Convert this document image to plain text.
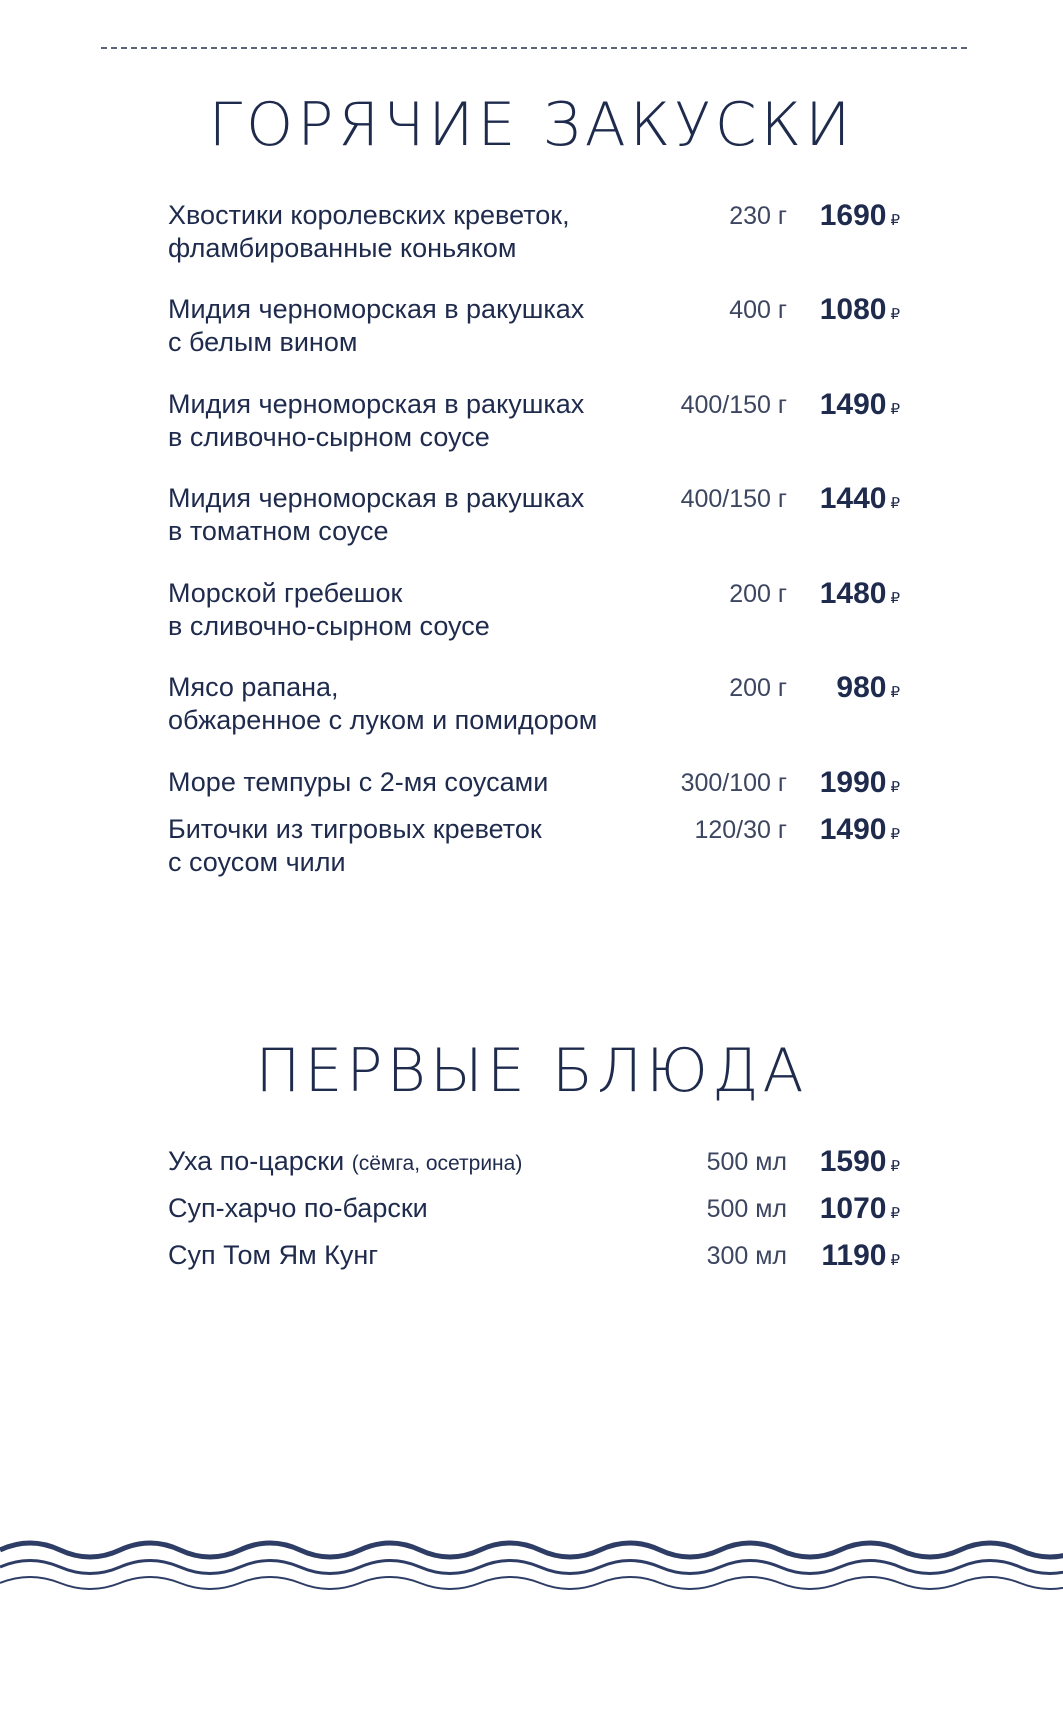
ГОРЯЧИЕ ЗАКУСКИ
Хвостики королевских креветок,
фламбированные коньяком
230 г	1690 ₽
Мидия черноморская в ракушках
с белым вином
400 г	1080 ₽
Мидия черноморская в ракушках
в сливочно-сырном соусе
400/150 г	1490 ₽
Мидия черноморская в ракушках
в томатном соусе
400/150 г	1440 ₽
Морской гребешок
в сливочно-сырном соусе
200 г	1480 ₽
Мясо рапана,
обжаренное с луком и помидором
200 г	980 ₽
Море темпуры с 2-мя соусами	300/100 г	1990 ₽
Биточки из тигровых креветок
с соусом чили
120/30 г	1490 ₽
ПЕРВЫЕ БЛЮДА
Уха по-царски (сёмга, осетрина)	500 мл	1590 ₽
Суп-харчо по-барски	500 мл	1070 ₽
Суп Том Ям Кунг	300 мл	1190 ₽
